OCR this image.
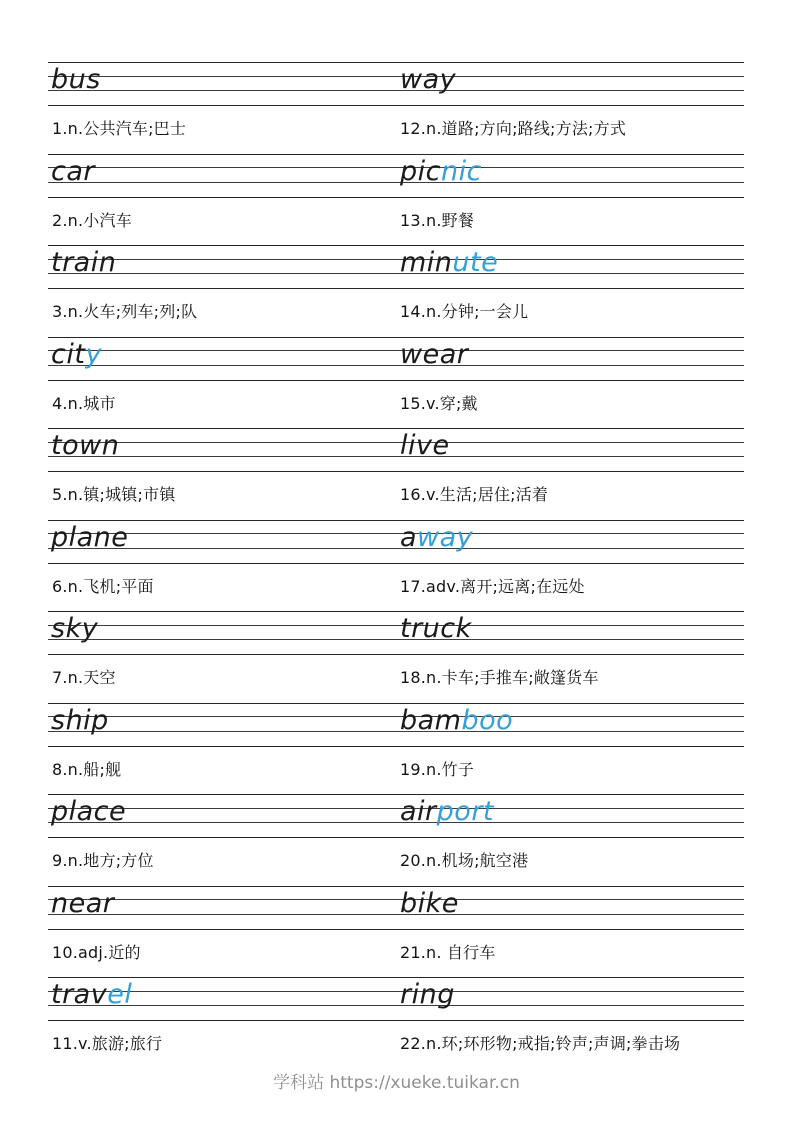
bus	way
1.n.公共汽车;巴士	12.n.道路;方向;路线;方法;方式
car	picnic
2.n.小汽车	13.n.野餐
train	minute
3.n.火车;列车;列;队	14.n.分钟;一会儿
city	wear
4.n.城市	15.v.穿;戴
town	live
5.n.镇;城镇;市镇	16.v.生活;居住;活着
plane	away
6.n.飞机;平面	17.adv.离开;远离;在远处
sky	truck
7.n.天空	18.n.卡车;手推车;敞篷货车
ship	bamboo
8.n.船;舰	19.n.竹子
place	airport
9.n.地方;方位	20.n.机场;航空港
near	bike
10.adj.近的	21.n. 自行车
travel	ring
11.v.旅游;旅行	22.n.环;环形物;戒指;铃声;声调;拳击场
学科站 https://xueke.tuikar.cn
